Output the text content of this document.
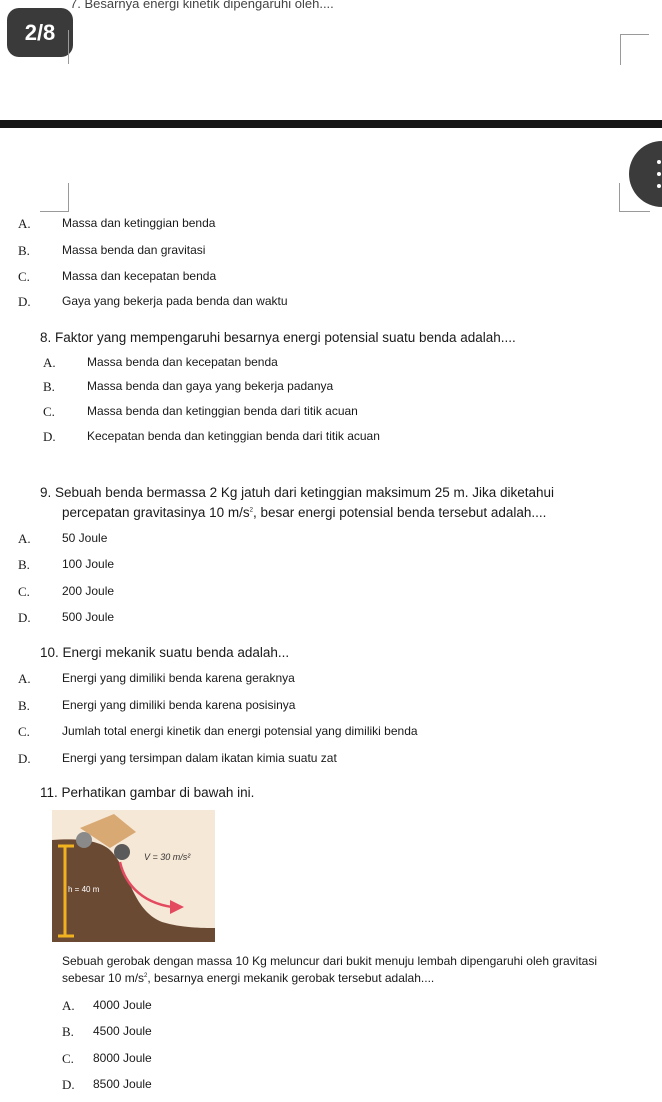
7. Besarnya energi kinetik dipengaruhi oleh....
2/8
A.	Massa dan ketinggian benda
B.	Massa benda dan gravitasi
C.	Massa dan kecepatan benda
D.	Gaya yang bekerja pada benda dan waktu
8. Faktor yang mempengaruhi besarnya energi potensial suatu benda adalah....
A.	Massa benda dan kecepatan benda
B.	Massa benda dan gaya yang bekerja padanya
C.	Massa benda dan ketinggian benda dari titik acuan
D.	Kecepatan benda dan ketinggian benda dari titik acuan
9. Sebuah benda bermassa 2 Kg jatuh dari ketinggian maksimum 25 m. Jika diketahui
percepatan gravitasinya 10 $m/s^2$, besar energi potensial benda tersebut adalah....
A.	50 Joule
B.	100 Joule
C.	200 Joule
D.	500 Joule
10. Energi mekanik suatu benda adalah...
A.	Energi yang dimiliki benda karena geraknya
B.	Energi yang dimiliki benda karena posisinya
C.	Jumlah total energi kinetik dan energi potensial yang dimiliki benda
D.	Energi yang tersimpan dalam ikatan kimia suatu zat
11. Perhatikan gambar di bawah ini.
V = 30 m/s²
h = 40 m
Sebuah gerobak dengan massa 10 Kg meluncur dari bukit menuju lembah dipengaruhi oleh gravitasi
sebesar 10 $m/s^2$, besarnya energi mekanik gerobak tersebut adalah....
A. 4000 Joule
B. 4500 Joule
C. 8000 Joule
D. 8500 Joule
